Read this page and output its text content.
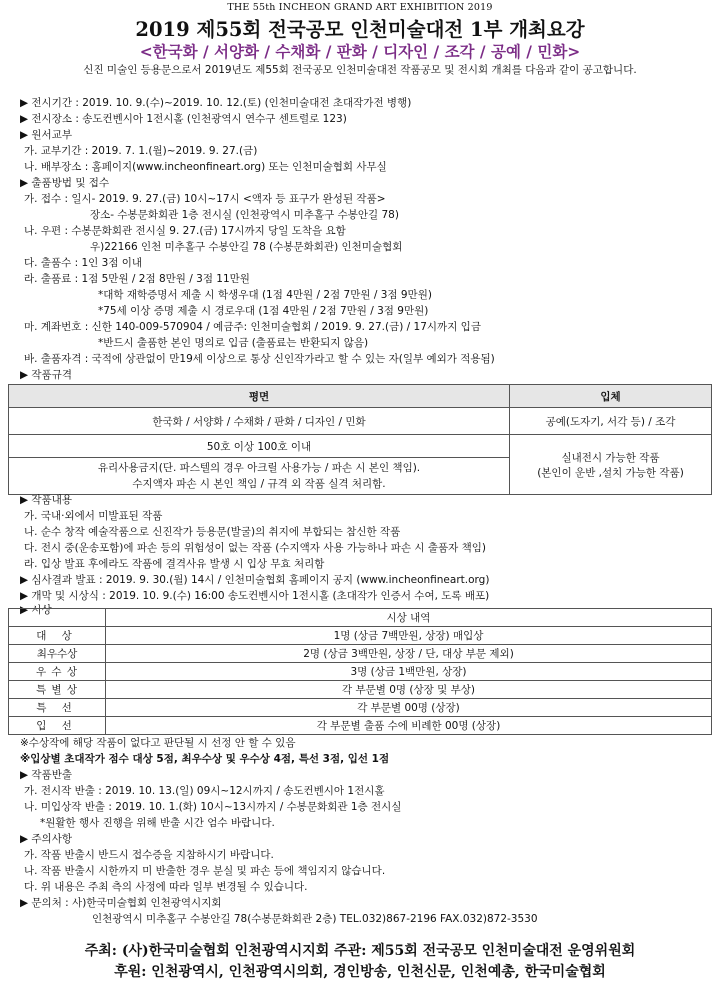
THE 55th INCHEON GRAND ART EXHIBITION 2019
2019 제55회 전국공모 인천미술대전 1부 개최요강
<한국화 / 서양화 / 수채화 / 판화 / 디자인 / 조각 / 공예 / 민화>
신진 미술인 등용문으로서 2019년도 제55회 전국공모 인천미술대전 작품공모 및 전시회 개최를 다음과 같이 공고합니다.
▶ 전시기간 : 2019. 10. 9.(수)~2019. 10. 12.(토) (인천미술대전 초대작가전 병행)
▶ 전시장소 : 송도컨벤시아 1전시홀 (인천광역시 연수구 센트럴로 123)
▶ 원서교부
가. 교부기간 : 2019. 7. 1.(월)~2019. 9. 27.(금)
나. 배부장소 : 홈페이지(www.incheonfineart.org) 또는 인천미술협회 사무실
▶ 출품방법 및 접수
가. 접수 : 일시- 2019. 9. 27.(금) 10시~17시 <액자 등 표구가 완성된 작품>
장소- 수봉문화회관 1층 전시실 (인천광역시 미추홀구 수봉안길 78)
나. 우편 : 수봉문화회관 전시실 9. 27.(금) 17시까지 당일 도착을 요함
우)22166 인천 미추홀구 수봉안길 78 (수봉문화회관) 인천미술협회
다. 출품수 : 1인 3점 이내
라. 출품료 : 1점 5만원 / 2점 8만원 / 3점 11만원
*대학 재학증명서 제출 시 학생우대 (1점 4만원 / 2점 7만원 / 3점 9만원)
*75세 이상 증명 제출 시 경로우대 (1점 4만원 / 2점 7만원 / 3점 9만원)
마. 계좌번호 : 신한 140-009-570904 / 예금주: 인천미술협회 / 2019. 9. 27.(금) / 17시까지 입금
*반드시 출품한 본인 명의로 입금 (출품료는 반환되지 않음)
바. 출품자격 : 국적에 상관없이 만19세 이상으로 통상 신인작가라고 할 수 있는 자(일부 예외가 적용됨)
▶ 작품규격
평면	입체
한국화 / 서양화 / 수채화 / 판화 / 디자인 / 민화	공예(도자기, 서각 등) / 조각
50호 이상 100호 이내	실내전시 가능한 작품
(본인이 운반 ,설치 가능한 작품)

유리사용금지(단. 파스텔의 경우 아크릴 사용가능 / 파손 시 본인 책임).
수지액자 파손 시 본인 책임 / 규격 외 작품 실격 처리함.	
▶ 작품내용
가. 국내·외에서 미발표된 작품
나. 순수 창작 예술작품으로 신진작가 등용문(발굴)의 취지에 부합되는 참신한 작품
다. 전시 중(운송포함)에 파손 등의 위험성이 없는 작품 (수지액자 사용 가능하나 파손 시 출품자 책임)
라. 입상 발표 후에라도 작품에 결격사유 발생 시 입상 무효 처리함
▶ 심사결과 발표 : 2019. 9. 30.(월) 14시 / 인천미술협회 홈페이지 공지 (www.incheonfineart.org)
▶ 개막 및 시상식 : 2019. 10. 9.(수) 16:00 송도컨벤시아 1전시홀 (초대작가 인증서 수여, 도록 배포)
▶ 시상
	시상 내역
대 상	1명 (상금 7백만원, 상장) 매입상
최우수상	2명 (상금 3백만원, 상장 / 단, 대상 부문 제외)
우 수 상	3명 (상금 1백만원, 상장)
특 별 상	각 부문별 0명 (상장 및 부상)
특 선	각 부문별 00명 (상장)
입 선	각 부문별 출품 수에 비례한 00명 (상장)
※수상작에 해당 작품이 없다고 판단될 시 선정 안 할 수 있음
※입상별 초대작가 점수 대상 5점, 최우수상 및 우수상 4점, 특선 3점, 입선 1점
▶ 작품반출
가. 전시작 반출 : 2019. 10. 13.(일) 09시~12시까지 / 송도컨벤시아 1전시홀
나. 미입상작 반출 : 2019. 10. 1.(화) 10시~13시까지 / 수봉문화회관 1층 전시실
*원활한 행사 진행을 위해 반출 시간 엄수 바랍니다.
▶ 주의사항
가. 작품 반출시 반드시 접수증을 지참하시기 바랍니다.
나. 작품 반출시 시한까지 미 반출한 경우 분실 및 파손 등에 책임지지 않습니다.
다. 위 내용은 주최 측의 사정에 따라 일부 변경될 수 있습니다.
▶ 문의처 : 사)한국미술협회 인천광역시지회
인천광역시 미추홀구 수봉안길 78(수봉문화회관 2층) TEL.032)867-2196 FAX.032)872-3530
주최: (사)한국미술협회 인천광역시지회 주관: 제55회 전국공모 인천미술대전 운영위원회
후원: 인천광역시, 인천광역시의회, 경인방송, 인천신문, 인천예총, 한국미술협회
